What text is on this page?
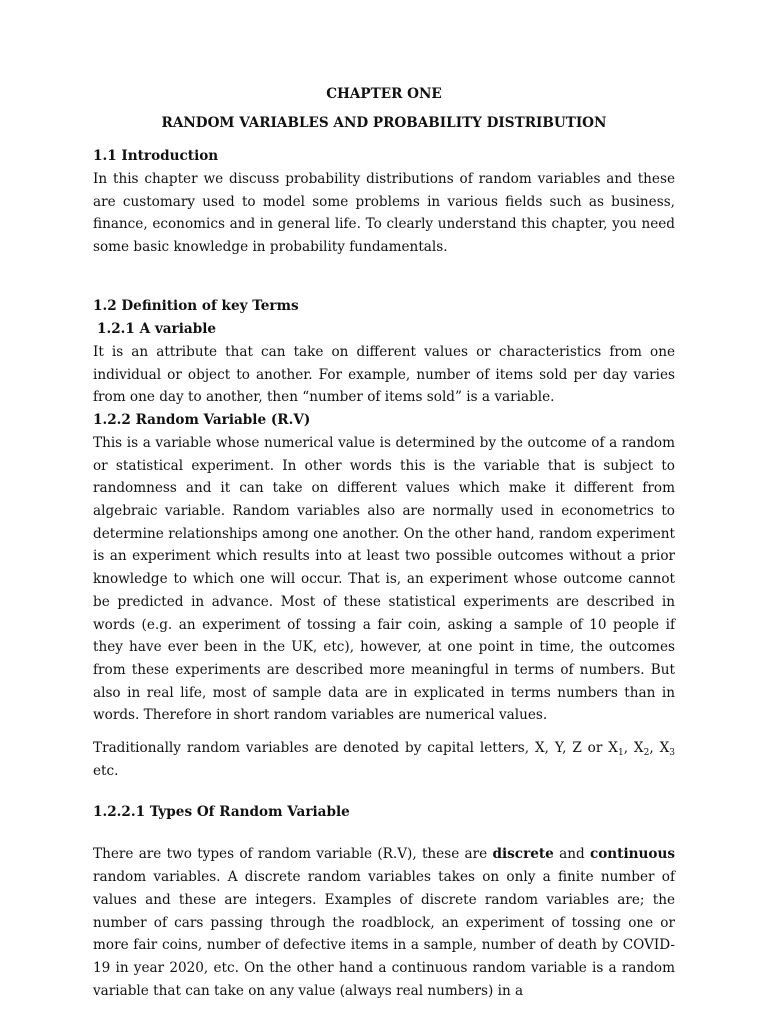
CHAPTER ONE

RANDOM VARIABLES AND PROBABILITY DISTRIBUTION

1.1 Introduction

In this chapter we discuss probability distributions of random variables and these are customary used to model some problems in various fields such as business, finance, economics and in general life. To clearly understand this chapter, you need some basic knowledge in probability fundamentals.

1.2 Definition of key Terms

1.2.1 A variable

It is an attribute that can take on different values or characteristics from one individual or object to another. For example, number of items sold per day varies from one day to another, then “number of items sold” is a variable.

1.2.2 Random Variable (R.V)

This is a variable whose numerical value is determined by the outcome of a random or statistical experiment. In other words this is the variable that is subject to randomness and it can take on different values which make it different from algebraic variable. Random variables also are normally used in econometrics to determine relationships among one another. On the other hand, random experiment is an experiment which results into at least two possible outcomes without a prior knowledge to which one will occur. That is, an experiment whose outcome cannot be predicted in advance. Most of these statistical experiments are described in words (e.g. an experiment of tossing a fair coin, asking a sample of 10 people if they have ever been in the UK, etc), however, at one point in time, the outcomes from these experiments are described more meaningful in terms of numbers. But also in real life, most of sample data are in explicated in terms numbers than in words. Therefore in short random variables are numerical values.

Traditionally random variables are denoted by capital letters, X, Y, Z or $X_1$, $X_2$, $X_3$ etc.

1.2.2.1 Types Of Random Variable

There are two types of random variable (R.V), these are discrete and continuous random variables. A discrete random variables takes on only a finite number of values and these are integers. Examples of discrete random variables are; the number of cars passing through the roadblock, an experiment of tossing one or more fair coins, number of defective items in a sample, number of death by COVID-19 in year 2020, etc. On the other hand a continuous random variable is a random variable that can take on any value (always real numbers) in a
